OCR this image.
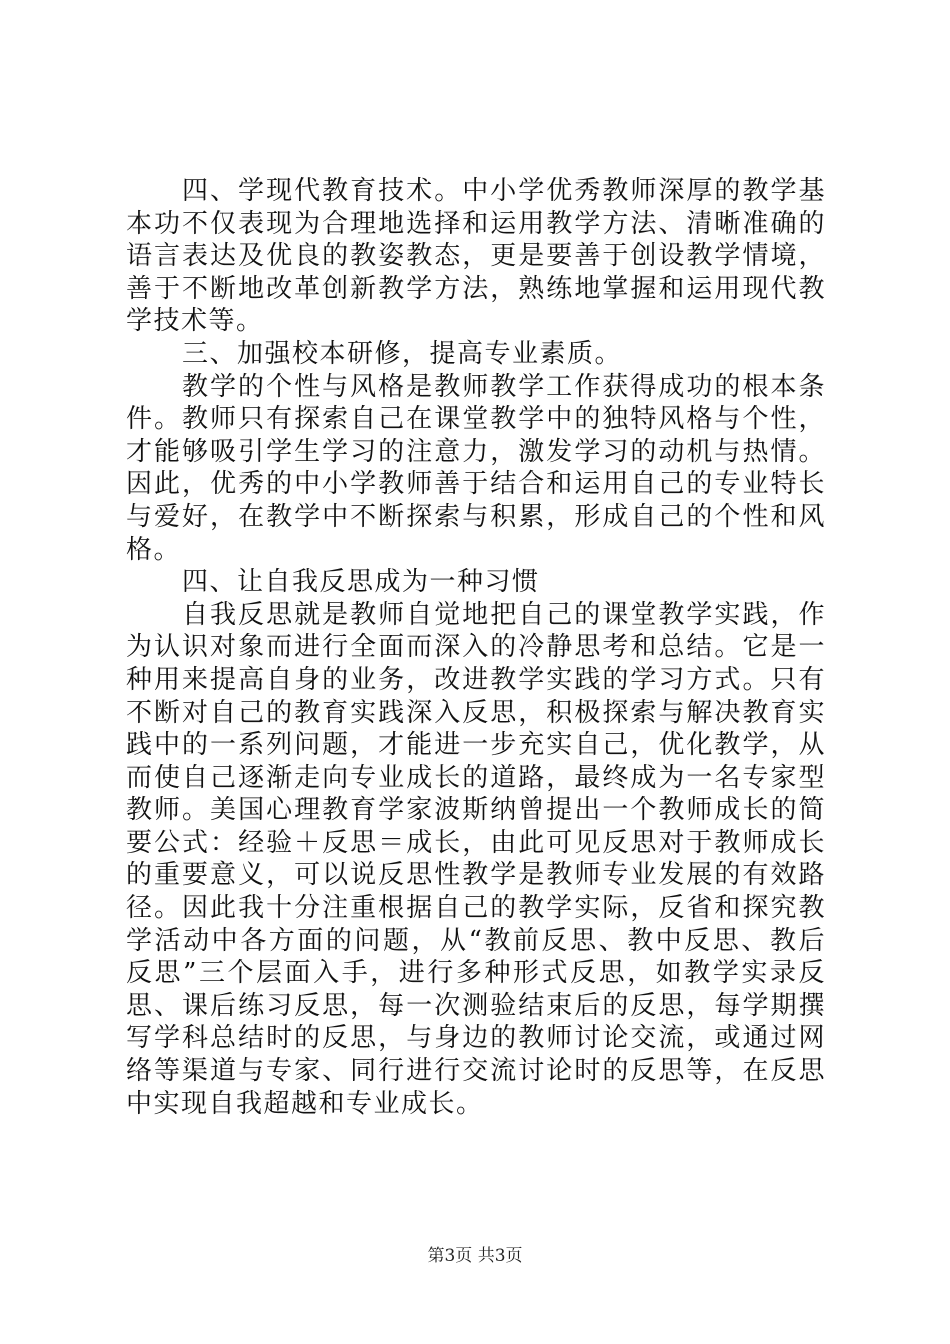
四、学现代教育技术。中小学优秀教师深厚的教学基本功不仅表现为合理地选择和运用教学方法、清晰准确的语言表达及优良的教姿教态，更是要善于创设教学情境，善于不断地改革创新教学方法，熟练地掌握和运用现代教学技术等。

三、加强校本研修，提高专业素质。

教学的个性与风格是教师教学工作获得成功的根本条件。教师只有探索自己在课堂教学中的独特风格与个性，才能够吸引学生学习的注意力，激发学习的动机与热情。因此，优秀的中小学教师善于结合和运用自己的专业特长与爱好，在教学中不断探索与积累，形成自己的个性和风格。

四、让自我反思成为一种习惯

自我反思就是教师自觉地把自己的课堂教学实践，作为认识对象而进行全面而深入的冷静思考和总结。它是一种用来提高自身的业务，改进教学实践的学习方式。只有不断对自己的教育实践深入反思，积极探索与解决教育实践中的一系列问题，才能进一步充实自己，优化教学，从而使自己逐渐走向专业成长的道路，最终成为一名专家型教师。美国心理教育学家波斯纳曾提出一个教师成长的简要公式：经验＋反思＝成长，由此可见反思对于教师成长的重要意义，可以说反思性教学是教师专业发展的有效路径。因此我十分注重根据自己的教学实际，反省和探究教学活动中各方面的问题，从“教前反思、教中反思、教后反思”三个层面入手，进行多种形式反思，如教学实录反思、课后练习反思，每一次测验结束后的反思，每学期撰写学科总结时的反思，与身边的教师讨论交流，或通过网络等渠道与专家、同行进行交流讨论时的反思等，在反思中实现自我超越和专业成长。

第3页 共3页
